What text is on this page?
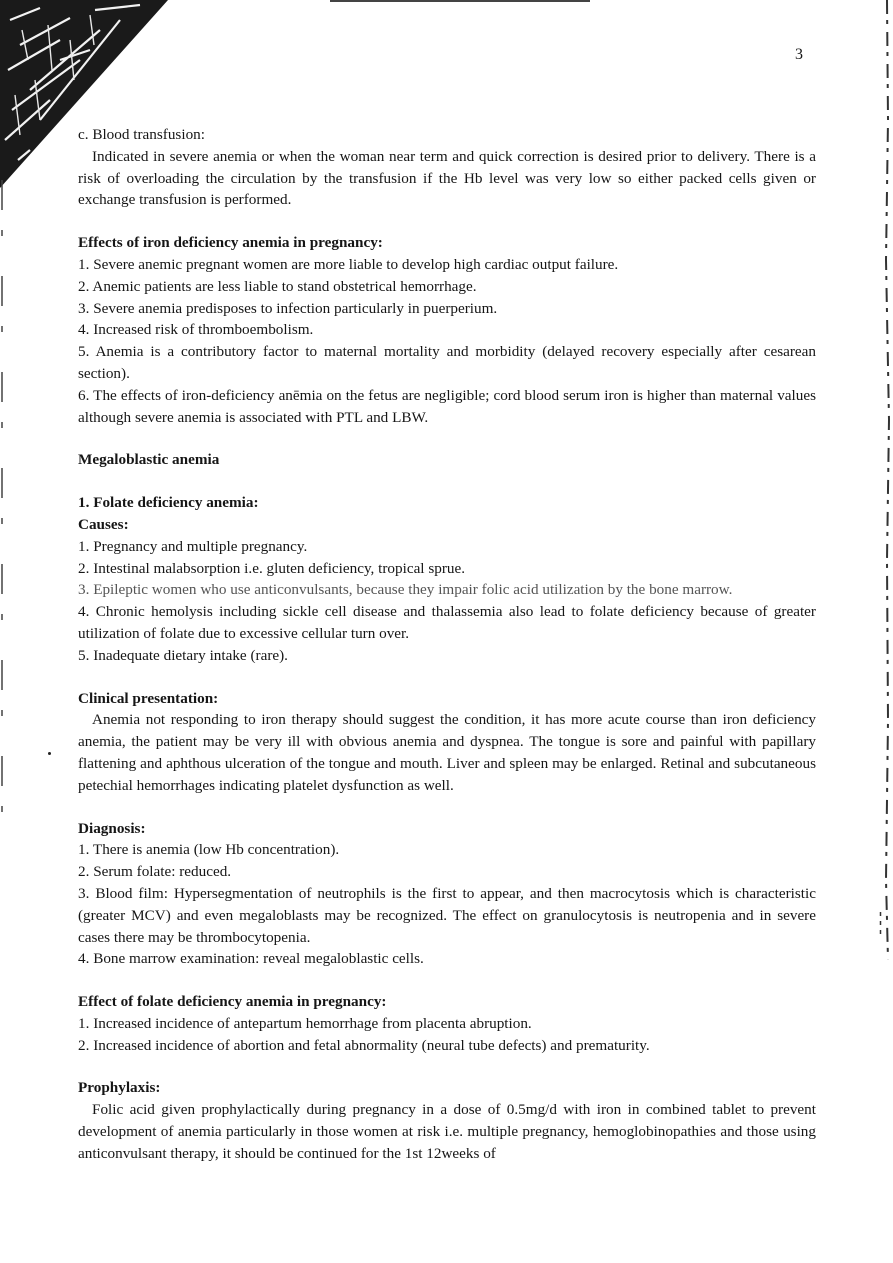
3

c. Blood transfusion:

Indicated in severe anemia or when the woman near term and quick correction is desired prior to delivery. There is a risk of overloading the circulation by the transfusion if the Hb level was very low so either packed cells given or exchange transfusion is performed.

Effects of iron deficiency anemia in pregnancy:

1. Severe anemic pregnant women are more liable to develop high cardiac output failure.

2. Anemic patients are less liable to stand obstetrical hemorrhage.

3. Severe anemia predisposes to infection particularly in puerperium.

4. Increased risk of thromboembolism.

5. Anemia is a contributory factor to maternal mortality and morbidity (delayed recovery especially after cesarean section).

6. The effects of iron-deficiency anēmia on the fetus are negligible; cord blood serum iron is higher than maternal values although severe anemia is associated with PTL and LBW.

Megaloblastic anemia

1. Folate deficiency anemia:

Causes:

1. Pregnancy and multiple pregnancy.

2. Intestinal malabsorption i.e. gluten deficiency, tropical sprue.

3. Epileptic women who use anticonvulsants, because they impair folic acid utilization by the bone marrow.

4. Chronic hemolysis including sickle cell disease and thalassemia also lead to folate deficiency because of greater utilization of folate due to excessive cellular turn over.

5. Inadequate dietary intake (rare).

Clinical presentation:

Anemia not responding to iron therapy should suggest the condition, it has more acute course than iron deficiency anemia, the patient may be very ill with obvious anemia and dyspnea. The tongue is sore and painful with papillary flattening and aphthous ulceration of the tongue and mouth. Liver and spleen may be enlarged. Retinal and subcutaneous petechial hemorrhages indicating platelet dysfunction as well.

Diagnosis:

1. There is anemia (low Hb concentration).

2. Serum folate: reduced.

3. Blood film: Hypersegmentation of neutrophils is the first to appear, and then macrocytosis which is characteristic (greater MCV) and even megaloblasts may be recognized. The effect on granulocytosis is neutropenia and in severe cases there may be thrombocytopenia.

4. Bone marrow examination: reveal megaloblastic cells.

Effect of folate deficiency anemia in pregnancy:

1. Increased incidence of antepartum hemorrhage from placenta abruption.

2. Increased incidence of abortion and fetal abnormality (neural tube defects) and prematurity.

Prophylaxis:

Folic acid given prophylactically during pregnancy in a dose of 0.5mg/d with iron in combined tablet to prevent development of anemia particularly in those women at risk i.e. multiple pregnancy, hemoglobinopathies and those using anticonvulsant therapy, it should be continued for the 1st 12weeks of
